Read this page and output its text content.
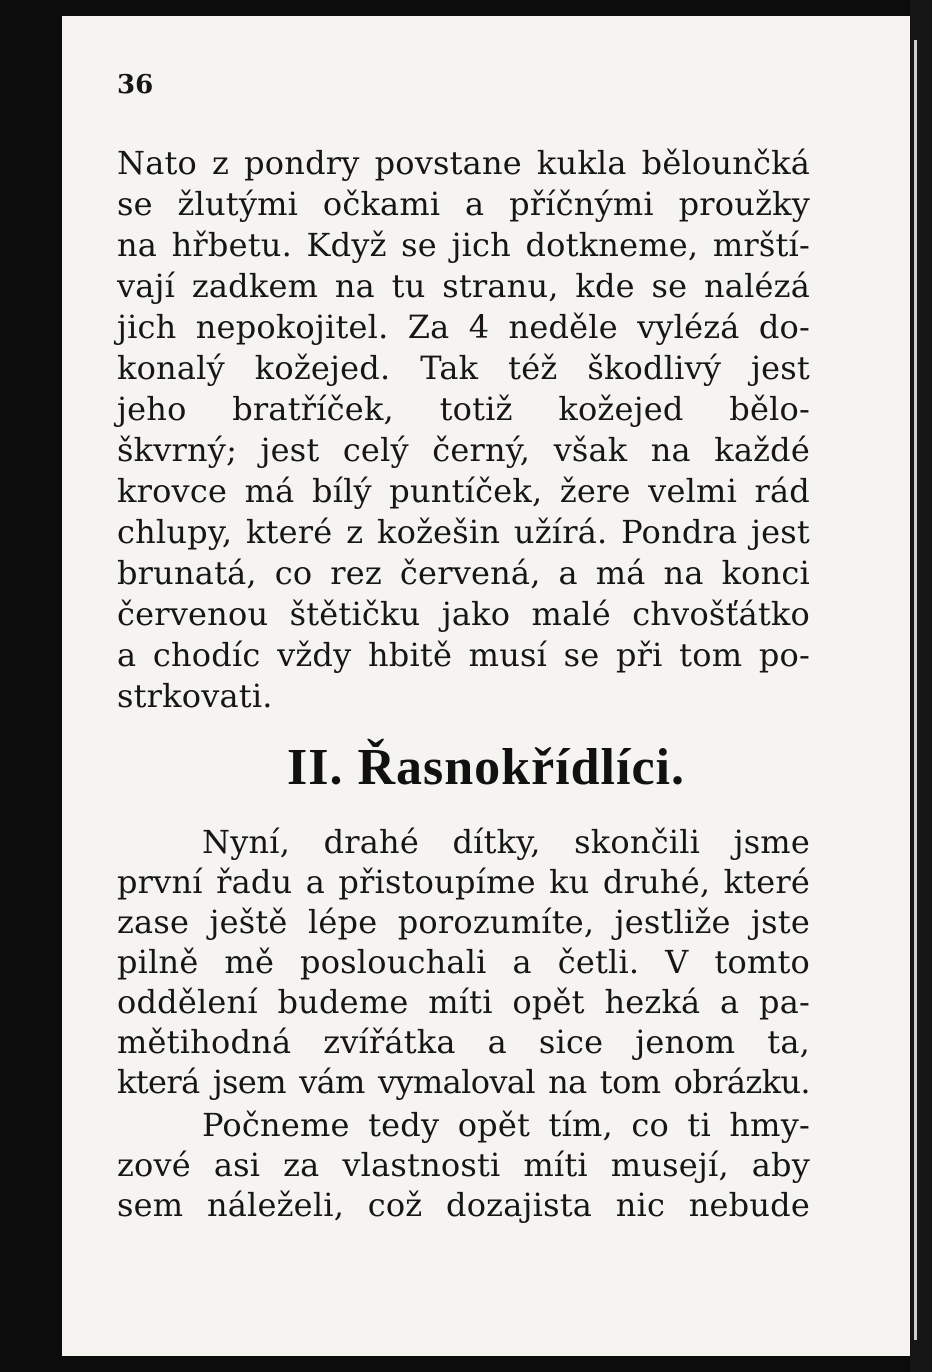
36
Nato z pondry povstane kukla bělounčká
se žlutými očkami a příčnými proužky
na hřbetu. Když se jich dotkneme, mrští-
vají zadkem na tu stranu, kde se nalézá
jich nepokojitel. Za 4 neděle vylézá do-
konalý kožejed. Tak též škodlivý jest
jeho bratříček, totiž kožejed bělo-
škvrný; jest celý černý, však na každé
krovce má bílý puntíček, žere velmi rád
chlupy, které z kožešin užírá. Pondra jest
brunatá, co rez červená, a má na konci
červenou štětičku jako malé chvošťátko
a chodíc vždy hbitě musí se při tom po-
strkovati.
II. Řasnokřídlíci.
Nyní, drahé dítky, skončili jsme
první řadu a přistoupíme ku druhé, které
zase ještě lépe porozumíte, jestliže jste
pilně mě poslouchali a četli. V tomto
oddělení budeme míti opět hezká a pa-
mětihodná zvířátka a sice jenom ta,
která jsem vám vymaloval na tom obrázku.
Počneme tedy opět tím, co ti hmy-
zové asi za vlastnosti míti musejí, aby
sem náleželi, což dozajista nic nebude
